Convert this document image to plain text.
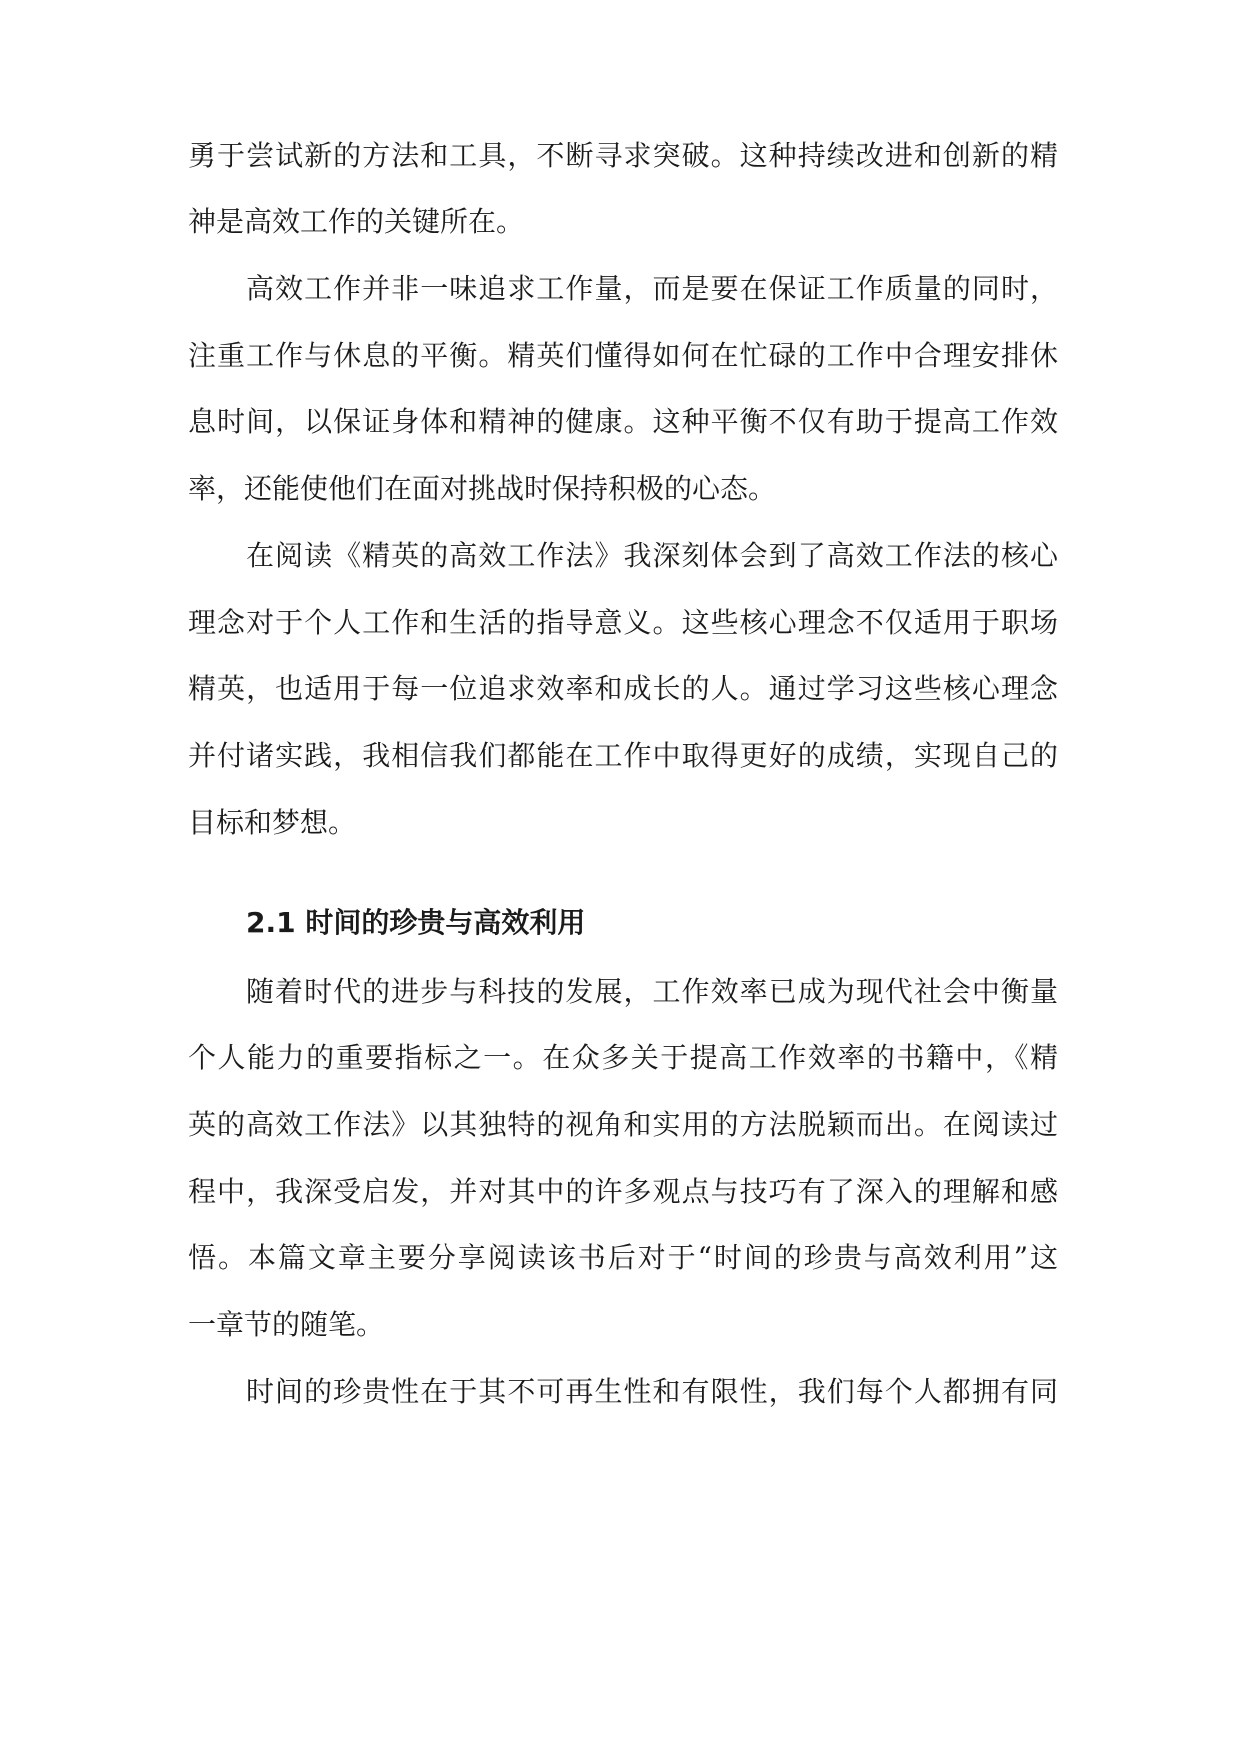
勇于尝试新的方法和工具，不断寻求突破。这种持续改进和创新的精
神是高效工作的关键所在。
高效工作并非一味追求工作量，而是要在保证工作质量的同时，
注重工作与休息的平衡。精英们懂得如何在忙碌的工作中合理安排休
息时间，以保证身体和精神的健康。这种平衡不仅有助于提高工作效
率，还能使他们在面对挑战时保持积极的心态。
在阅读《精英的高效工作法》我深刻体会到了高效工作法的核心
理念对于个人工作和生活的指导意义。这些核心理念不仅适用于职场
精英，也适用于每一位追求效率和成长的人。通过学习这些核心理念
并付诸实践，我相信我们都能在工作中取得更好的成绩，实现自己的
目标和梦想。
2.1 时间的珍贵与高效利用
随着时代的进步与科技的发展，工作效率已成为现代社会中衡量
个人能力的重要指标之一。在众多关于提高工作效率的书籍中，《精
英的高效工作法》以其独特的视角和实用的方法脱颖而出。在阅读过
程中，我深受启发，并对其中的许多观点与技巧有了深入的理解和感
悟。本篇文章主要分享阅读该书后对于“时间的珍贵与高效利用”这
一章节的随笔。
时间的珍贵性在于其不可再生性和有限性，我们每个人都拥有同
